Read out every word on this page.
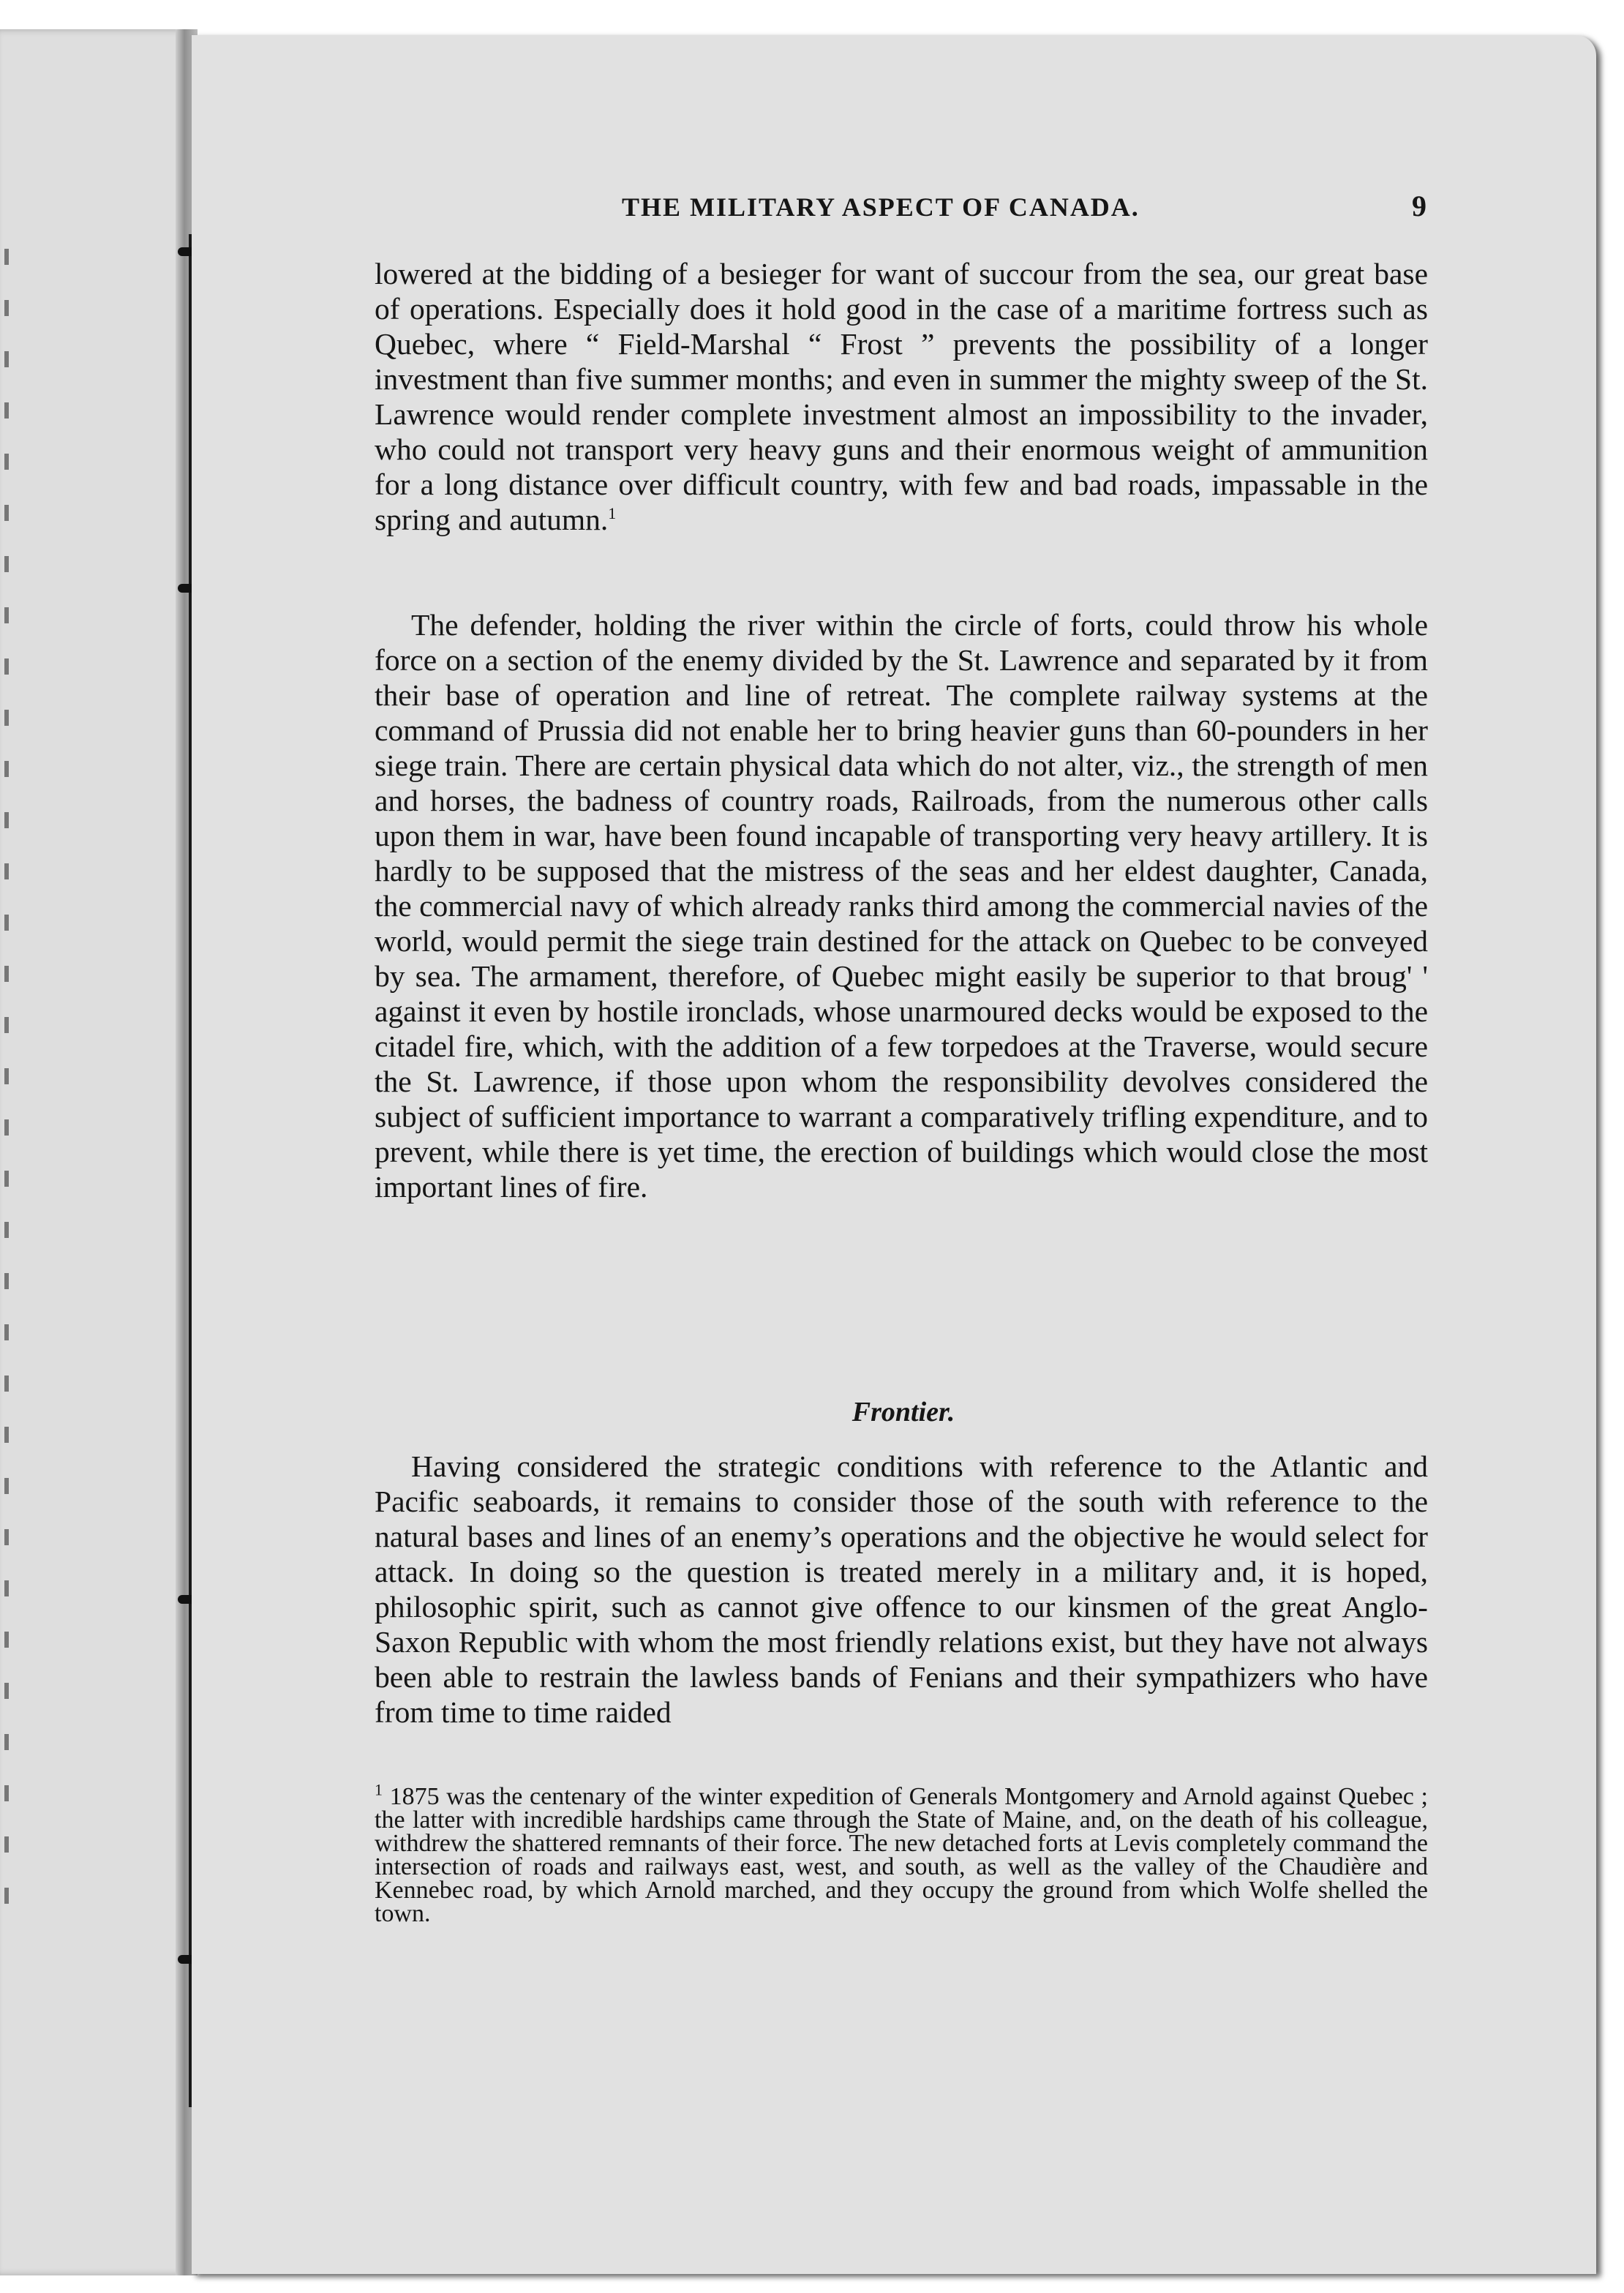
THE MILITARY ASPECT OF CANADA.	9

lowered at the bidding of a besieger for want of succour from the sea, our great base of operations. Especially does it hold good in the case of a maritime fortress such as Quebec, where “ Field-Marshal “ Frost ” prevents the possibility of a longer investment than five summer months; and even in summer the mighty sweep of the St. Lawrence would render complete investment almost an impossibility to the invader, who could not transport very heavy guns and their enormous weight of ammunition for a long distance over difficult country, with few and bad roads, impassable in the spring and autumn.$^1$

The defender, holding the river within the circle of forts, could throw his whole force on a section of the enemy divided by the St. Lawrence and separated by it from their base of operation and line of retreat. The complete railway systems at the command of Prussia did not enable her to bring heavier guns than 60-pounders in her siege train. There are certain physical data which do not alter, viz., the strength of men and horses, the badness of country roads, Railroads, from the numerous other calls upon them in war, have been found incapable of transporting very heavy artillery. It is hardly to be supposed that the mistress of the seas and her eldest daughter, Canada, the commercial navy of which already ranks third among the commercial navies of the world, would permit the siege train destined for the attack on Quebec to be conveyed by sea. The armament, therefore, of Quebec might easily be superior to that broug' ' against it even by hostile ironclads, whose unarmoured decks would be exposed to the citadel fire, which, with the addition of a few torpedoes at the Traverse, would secure the St. Lawrence, if those upon whom the responsibility devolves considered the subject of sufficient importance to warrant a comparatively trifling expenditure, and to prevent, while there is yet time, the erection of buildings which would close the most important lines of fire.

Frontier.

Having considered the strategic conditions with reference to the Atlantic and Pacific seaboards, it remains to consider those of the south with reference to the natural bases and lines of an enemy’s operations and the objective he would select for attack. In doing so the question is treated merely in a military and, it is hoped, philosophic spirit, such as cannot give offence to our kinsmen of the great Anglo-Saxon Republic with whom the most friendly relations exist, but they have not always been able to restrain the lawless bands of Fenians and their sympathizers who have from time to time raided

$^1$ 1875 was the centenary of the winter expedition of Generals Montgomery and Arnold against Quebec ; the latter with incredible hardships came through the State of Maine, and, on the death of his colleague, withdrew the shattered remnants of their force. The new detached forts at Levis completely command the intersection of roads and railways east, west, and south, as well as the valley of the Chaudière and Kennebec road, by which Arnold marched, and they occupy the ground from which Wolfe shelled the town.
